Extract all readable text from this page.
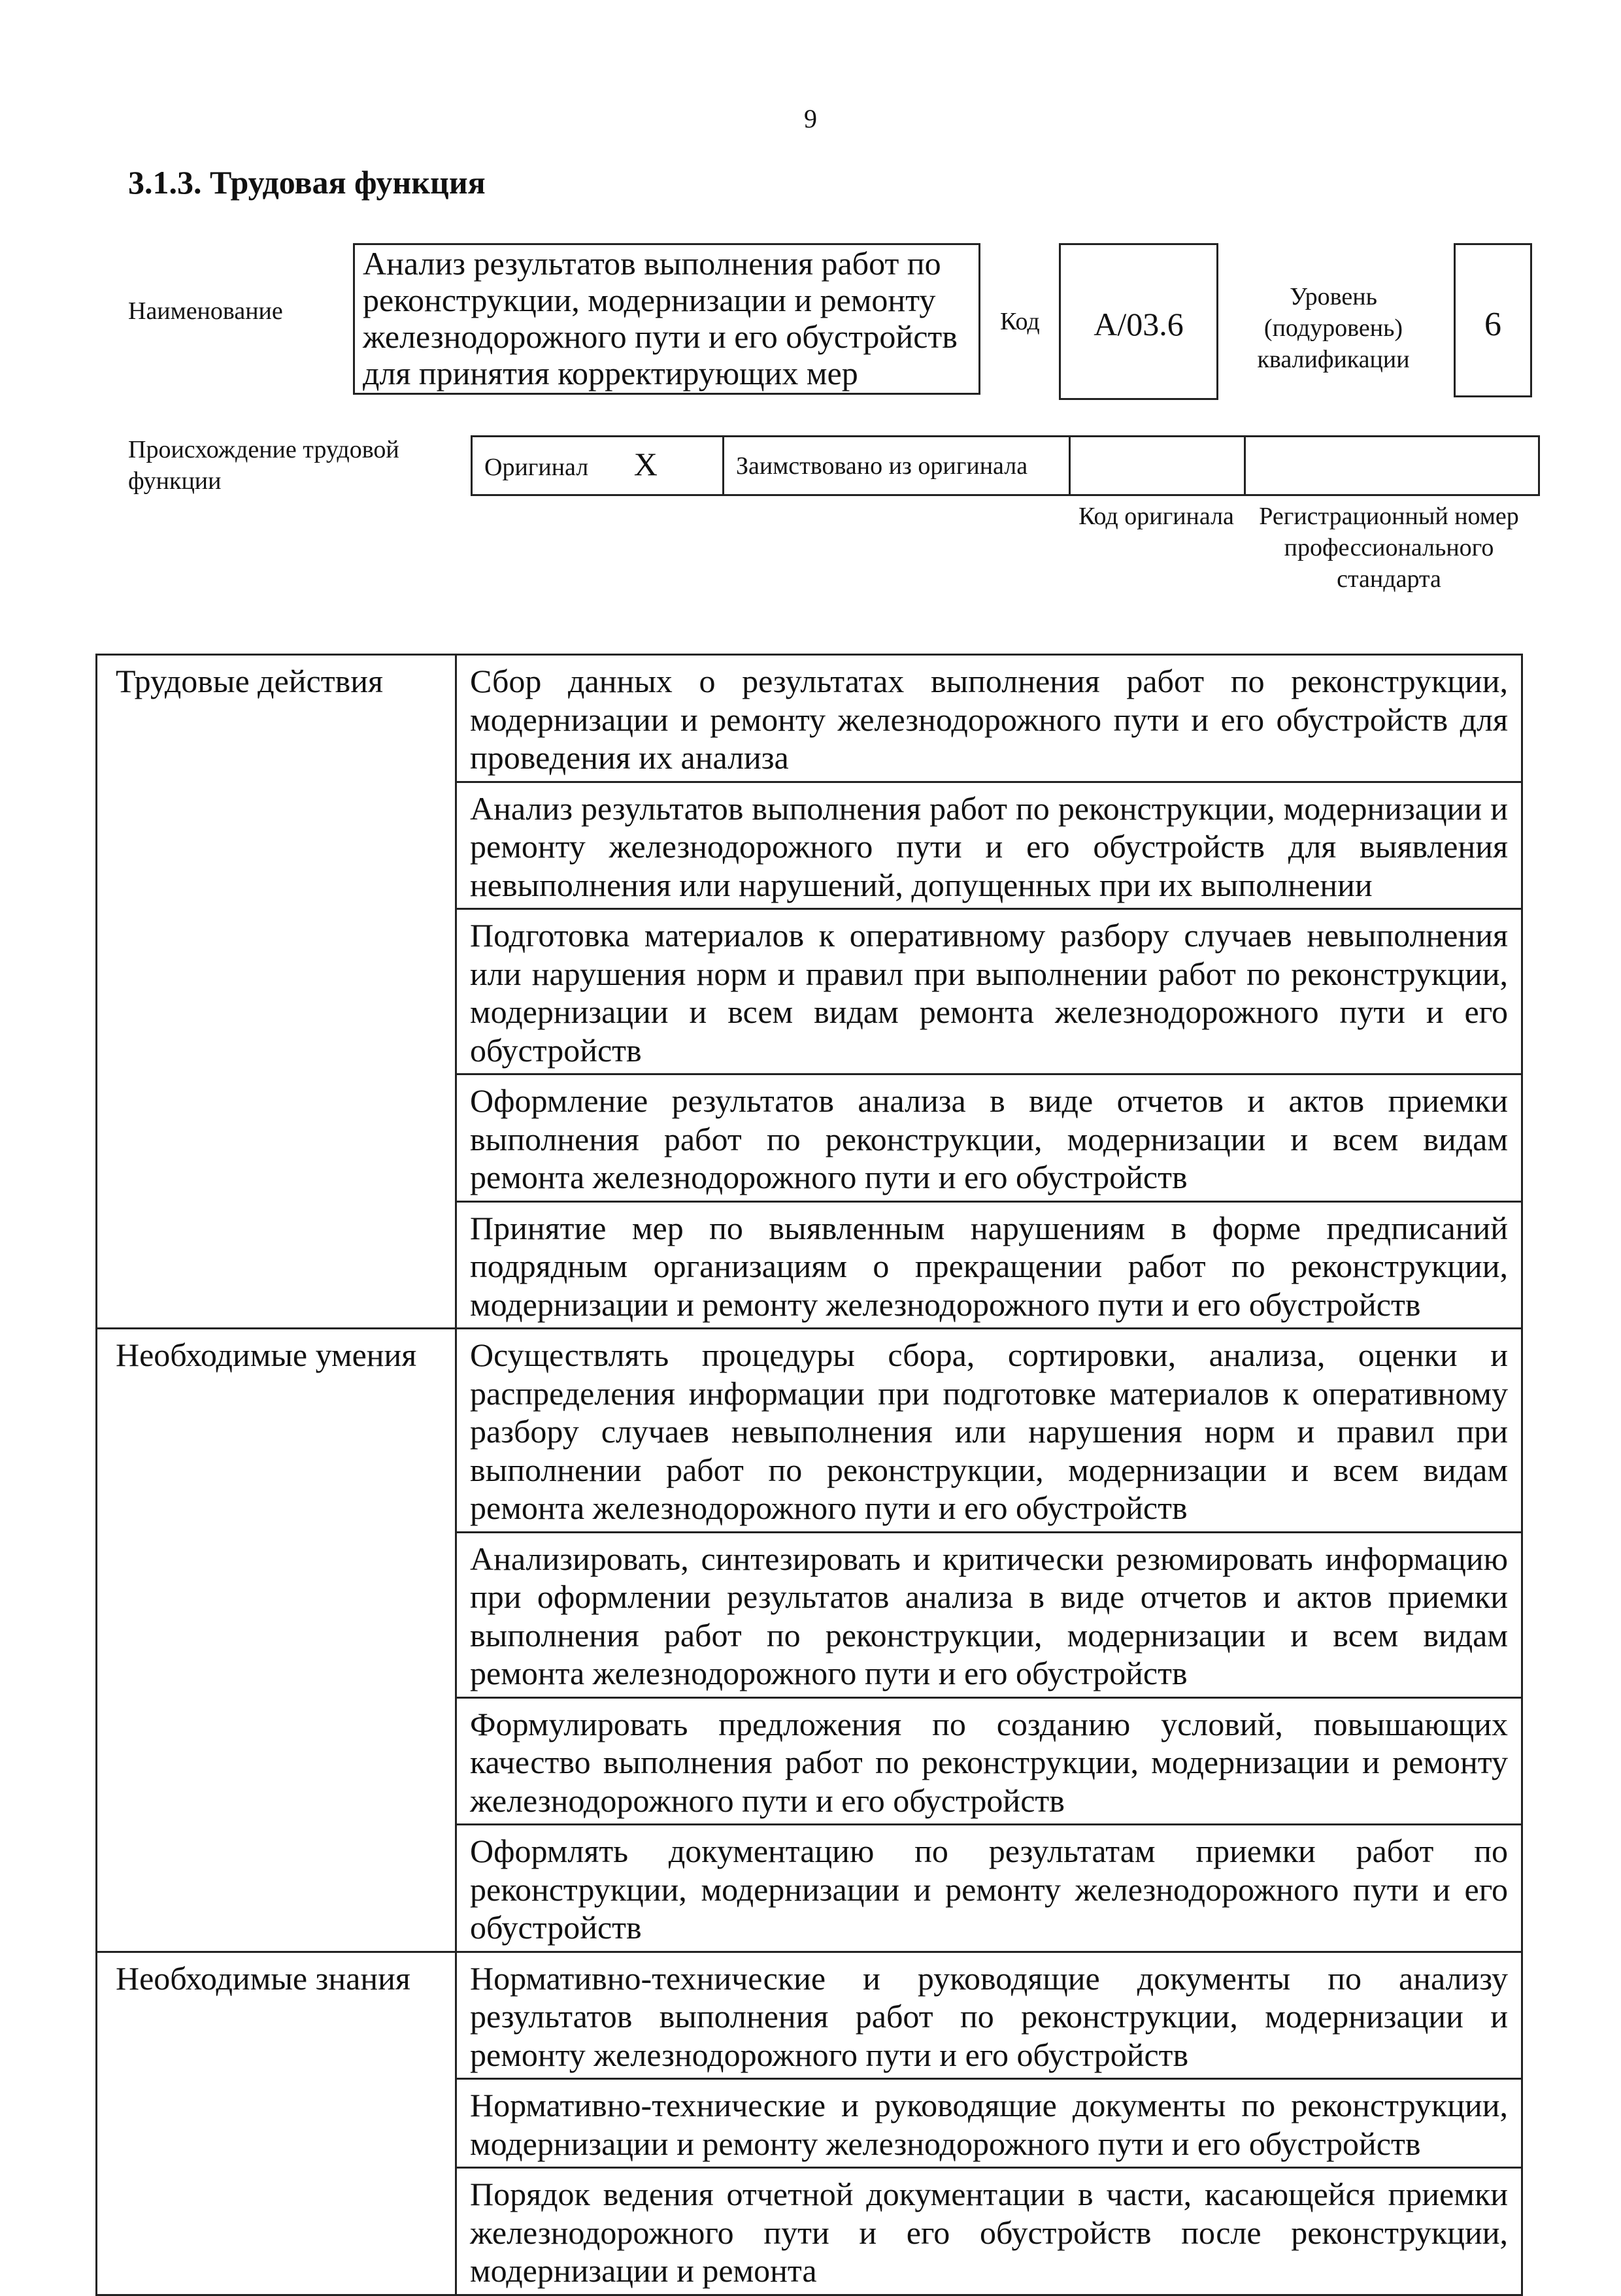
9
3.1.3. Трудовая функция
Наименование
Анализ результатов выполнения работ по реконструкции, модернизации и ремонту железнодорожного пути и его обустройств для принятия корректирующих мер
Код	A/03.6
Уровень (подуровень) квалификации
6
Происхождение трудовой функции	Оригинал X	Заимствовано из оригинала		
Код оригинала	Регистрационный номер профессионального стандарта
Трудовые действия	Сбор данных о результатах выполнения работ по реконструкции, модернизации и ремонту железнодорожного пути и его обустройств для проведения их анализа
	Анализ результатов выполнения работ по реконструкции, модернизации и ремонту железнодорожного пути и его обустройств для выявления невыполнения или нарушений, допущенных при их выполнении
	Подготовка материалов к оперативному разбору случаев невыполнения или нарушения норм и правил при выполнении работ по реконструкции, модернизации и всем видам ремонта железнодорожного пути и его обустройств
	Оформление результатов анализа в виде отчетов и актов приемки выполнения работ по реконструкции, модернизации и всем видам ремонта железнодорожного пути и его обустройств
	Принятие мер по выявленным нарушениям в форме предписаний подрядным организациям о прекращении работ по реконструкции, модернизации и ремонту железнодорожного пути и его обустройств
Необходимые умения	Осуществлять процедуры сбора, сортировки, анализа, оценки и распределения информации при подготовке материалов к оперативному разбору случаев невыполнения или нарушения норм и правил при выполнении работ по реконструкции, модернизации и всем видам ремонта железнодорожного пути и его обустройств
	Анализировать, синтезировать и критически резюмировать информацию при оформлении результатов анализа в виде отчетов и актов приемки выполнения работ по реконструкции, модернизации и всем видам ремонта железнодорожного пути и его обустройств
	Формулировать предложения по созданию условий, повышающих качество выполнения работ по реконструкции, модернизации и ремонту железнодорожного пути и его обустройств
	Оформлять документацию по результатам приемки работ по реконструкции, модернизации и ремонту железнодорожного пути и его обустройств
Необходимые знания	Нормативно-технические и руководящие документы по анализу результатов выполнения работ по реконструкции, модернизации и ремонту железнодорожного пути и его обустройств
	Нормативно-технические и руководящие документы по реконструкции, модернизации и ремонту железнодорожного пути и его обустройств
	Порядок ведения отчетной документации в части, касающейся приемки железнодорожного пути и его обустройств после реконструкции, модернизации и ремонта
